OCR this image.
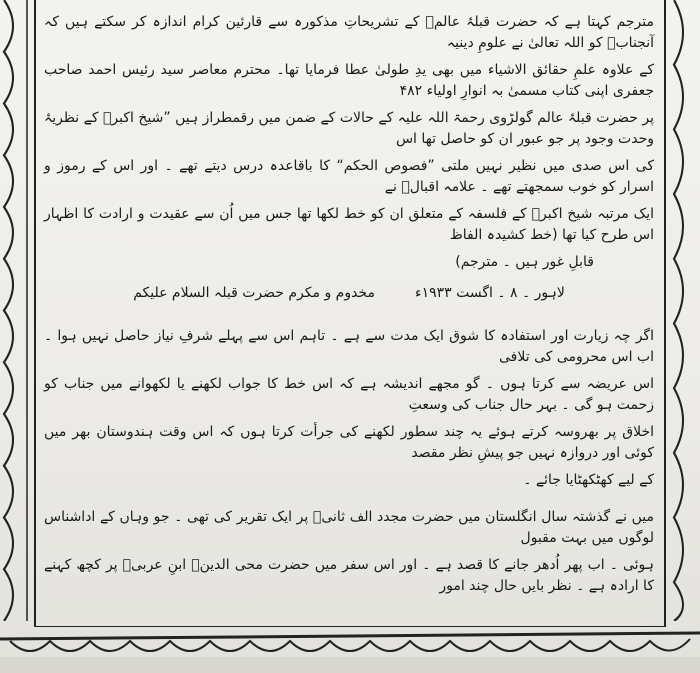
مترجم کہتا ہے کہ حضرت قبلۂ عالمؒ کے تشریحاتِ مذکورہ سے قارئین کرام اندازہ کر سکتے ہیں کہ آنجنابؒ کو اللہ تعالیٰ نے علومِ دینیہ

کے علاوہ علمِ حقائق الاشیاء میں بھی یدِ طولیٰ عطا فرمایا تھا۔ محترم معاصر سید رئیس احمد صاحب جعفری اپنی کتاب مسمیٰ بہ انوارِ اولیاء ۴۸۲

پر حضرت قبلۂ عالم گولڑوی رحمۃ اللہ علیہ کے حالات کے ضمن میں رقمطراز ہیں ”شیخ اکبرؒ کے نظریۂ وحدت وجود پر جو عبور ان کو حاصل تھا اس

کی اس صدی میں نظیر نہیں ملتی ”فصوص الحکم“ کا باقاعدہ درس دیتے تھے ۔ اور اس کے رموز و اسرار کو خوب سمجھتے تھے ۔ علامہ اقبالؒ نے

ایک مرتبہ شیخ اکبرؒ کے فلسفہ کے متعلق ان کو خط لکھا تھا جس میں اُن سے عقیدت و ارادت کا اظہار اس طرح کیا تھا (خط کشیدہ الفاظ

قابلِ غور ہیں ۔ مترجم)

لاہور ۔ ۸ ۔ اگست ۱۹۳۳ء
مخدوم و مکرم حضرت قبلہ السلام علیکم

اگر چہ زیارت اور استفادہ کا شوق ایک مدت سے ہے ۔ تاہم اس سے پہلے شرفِ نیاز حاصل نہیں ہوا ۔ اب اس محرومی کی تلافی

اس عریضہ سے کرتا ہوں ۔ گو مجھے اندیشہ ہے کہ اس خط کا جواب لکھنے یا لکھوانے میں جناب کو زحمت ہو گی ۔ بہر حال جناب کی وسعتِ

اخلاق پر بھروسہ کرتے ہوئے یہ چند سطور لکھنے کی جرأت کرتا ہوں کہ اس وقت ہندوستان بھر میں کوئی اور دروازہ نہیں جو پیشِ نظر مقصد

کے لیے کھٹکھٹایا جائے ۔

میں نے گذشتہ سال انگلستان میں حضرت مجدد الف ثانیؒ پر ایک تقریر کی تھی ۔ جو وہاں کے اداشناس لوگوں میں بہت مقبول

ہوئی ۔ اب پھر اُدھر جانے کا قصد ہے ۔ اور اس سفر میں حضرت محی الدینؒ ابنِ عربیؒ پر کچھ کہنے کا ارادہ ہے ۔ نظر بایں حال چند امور
